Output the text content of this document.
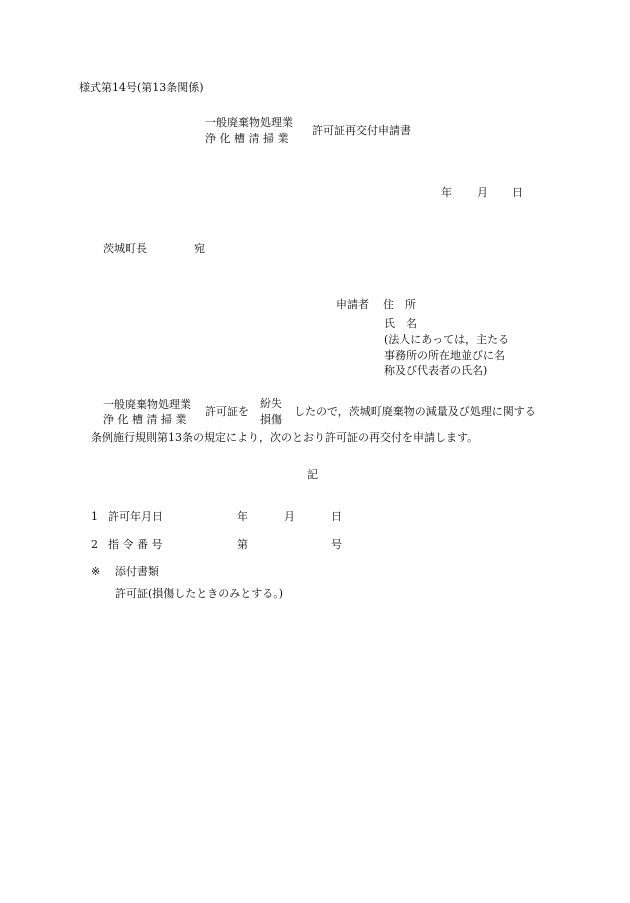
様式第14号(第13条関係)
一般廃棄物処理業
浄 化 槽 清 掃 業
許可証再交付申請書
年 月 日
茨城町長	宛
申請者 住　所
氏　名
(法人にあっては，主たる
事務所の所在地並びに名
称及び代表者の氏名)
一般廃棄物処理業
浄 化 槽 清 掃 業
許可証を
紛失
損傷
したので，茨城町廃棄物の減量及び処理に関する
条例施行規則第13条の規定により，次のとおり許可証の再交付を申請します。
記
1 許可年月日	年	月	日
2 指 令 番 号	第	号
※ 添付書類
許可証(損傷したときのみとする。)
